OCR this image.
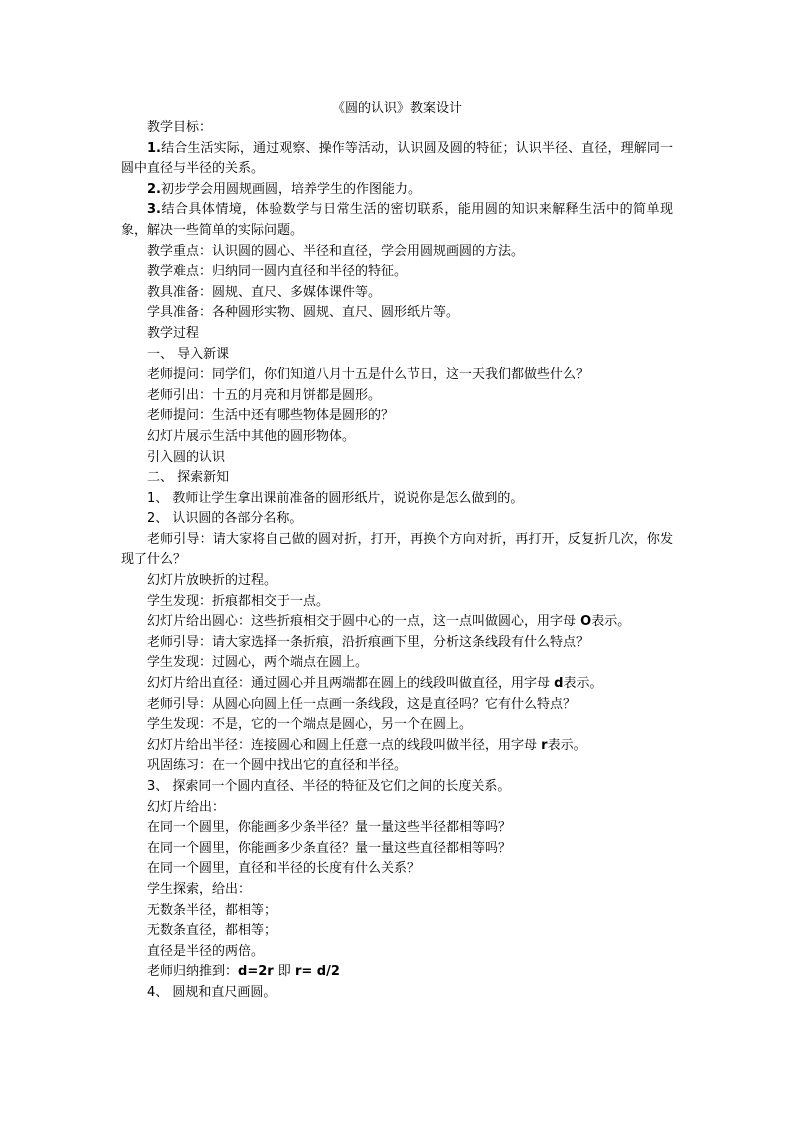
《圆的认识》教案设计

教学目标：

1.结合生活实际，通过观察、操作等活动，认识圆及圆的特征；认识半径、直径，理解同一圆中直径与半径的关系。

2.初步学会用圆规画圆，培养学生的作图能力。

3.结合具体情境，体验数学与日常生活的密切联系，能用圆的知识来解释生活中的简单现象，解决一些简单的实际问题。

教学重点：认识圆的圆心、半径和直径，学会用圆规画圆的方法。

教学难点：归纳同一圆内直径和半径的特征。

教具准备：圆规、直尺、多媒体课件等。

学具准备：各种圆形实物、圆规、直尺、圆形纸片等。

教学过程

一、 导入新课

老师提问：同学们，你们知道八月十五是什么节日，这一天我们都做些什么？

老师引出：十五的月亮和月饼都是圆形。

老师提问：生活中还有哪些物体是圆形的？

幻灯片展示生活中其他的圆形物体。

引入圆的认识

二、 探索新知

1、 教师让学生拿出课前准备的圆形纸片，说说你是怎么做到的。

2、 认识圆的各部分名称。

老师引导：请大家将自己做的圆对折，打开，再换个方向对折，再打开，反复折几次，你发现了什么？

幻灯片放映折的过程。

学生发现：折痕都相交于一点。

幻灯片给出圆心：这些折痕相交于圆中心的一点，这一点叫做圆心，用字母 O表示。

老师引导：请大家选择一条折痕，沿折痕画下里，分析这条线段有什么特点？

学生发现：过圆心，两个端点在圆上。

幻灯片给出直径：通过圆心并且两端都在圆上的线段叫做直径，用字母 d表示。

老师引导：从圆心向圆上任一点画一条线段，这是直径吗？它有什么特点？

学生发现：不是，它的一个端点是圆心，另一个在圆上。

幻灯片给出半径：连接圆心和圆上任意一点的线段叫做半径，用字母 r表示。

巩固练习：在一个圆中找出它的直径和半径。

3、 探索同一个圆内直径、半径的特征及它们之间的长度关系。

幻灯片给出：

在同一个圆里，你能画多少条半径？量一量这些半径都相等吗？

在同一个圆里，你能画多少条直径？量一量这些直径都相等吗？

在同一个圆里，直径和半径的长度有什么关系？

学生探索，给出：

无数条半径，都相等；

无数条直径，都相等；

直径是半径的两倍。

老师归纳推到：d=2r 即 r= d/2

4、 圆规和直尺画圆。
